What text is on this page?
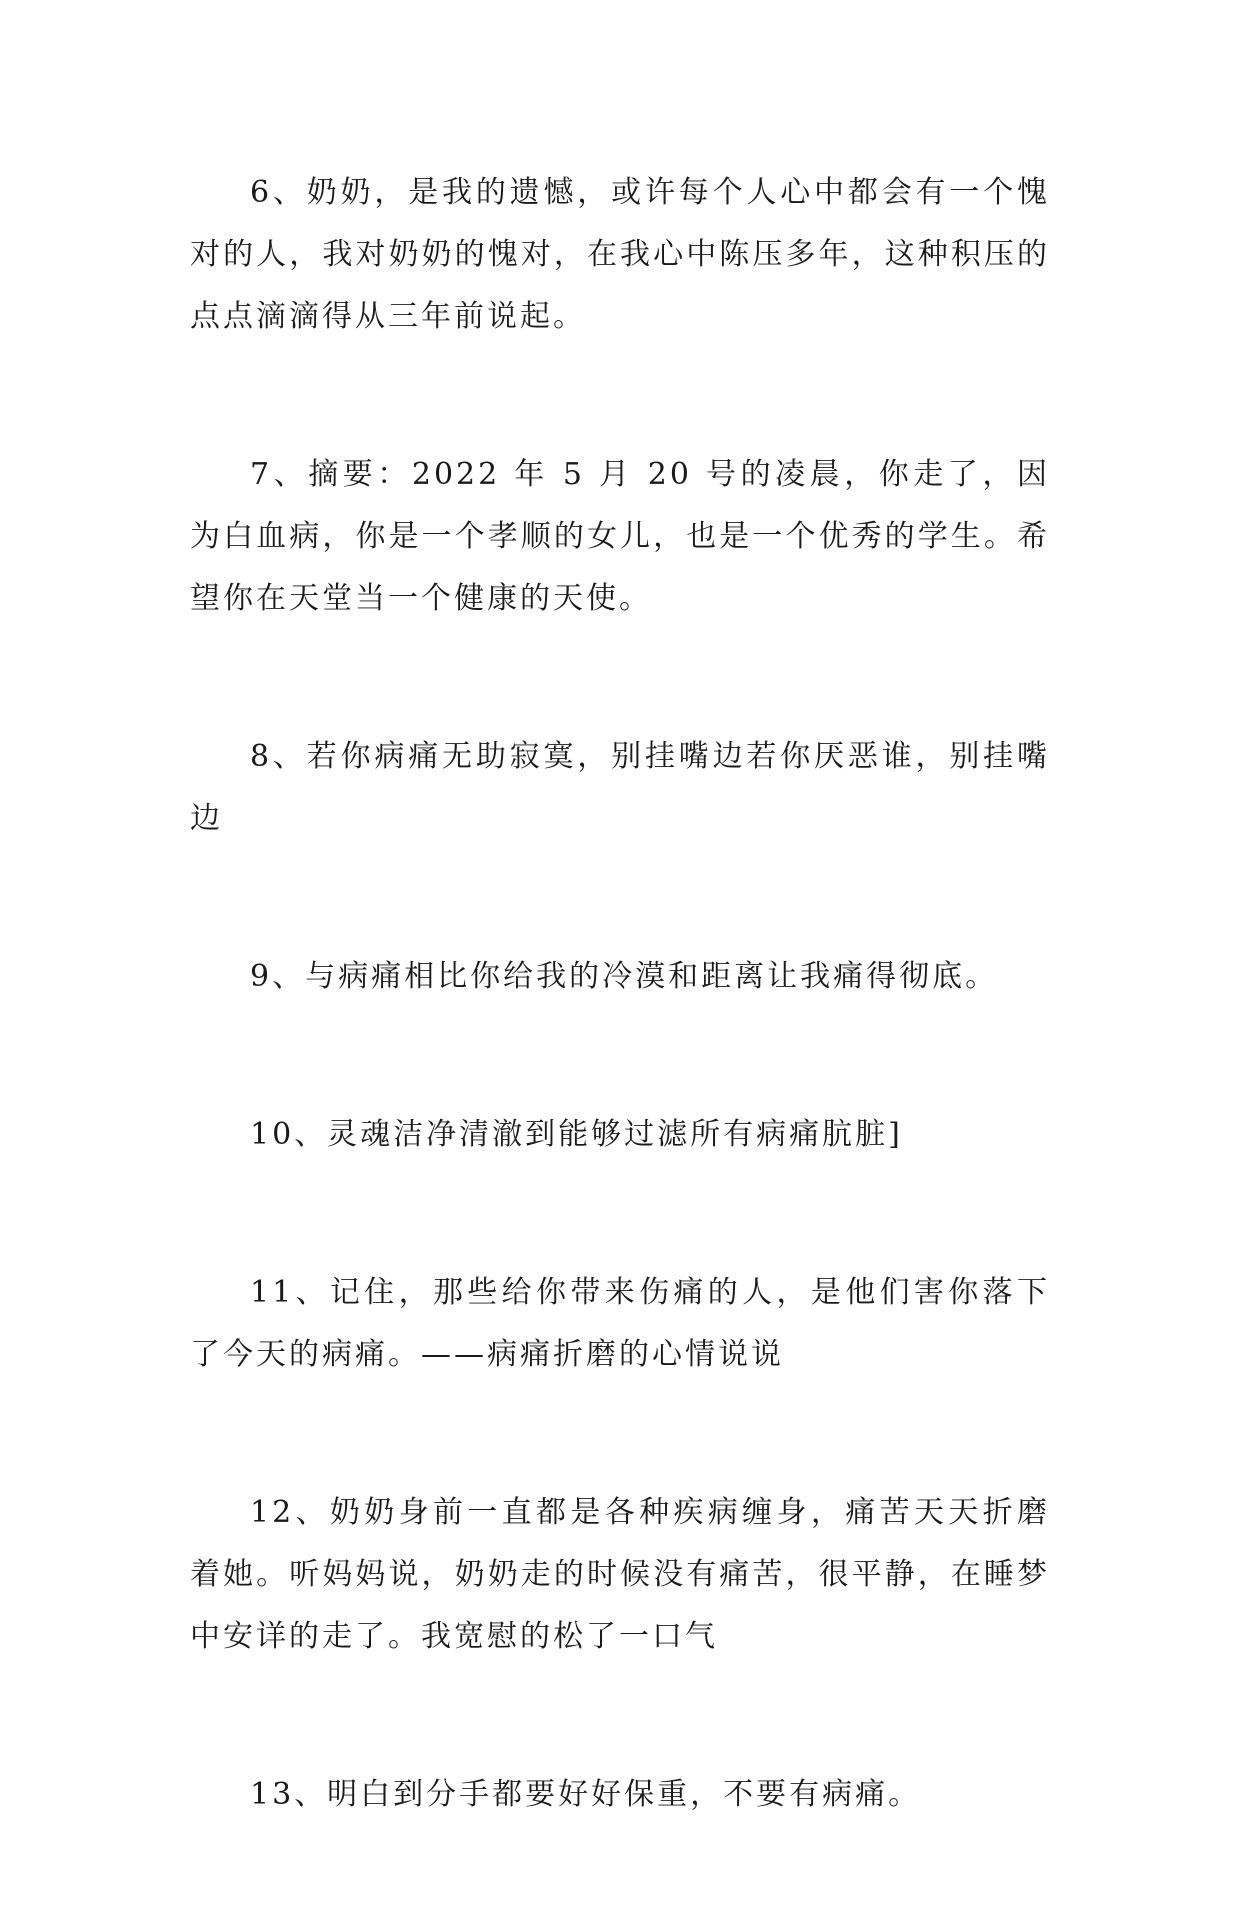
6、奶奶，是我的遗憾，或许每个人心中都会有一个愧对的人，我对奶奶的愧对，在我心中陈压多年，这种积压的点点滴滴得从三年前说起。

7、摘要：2022 年 5 月 20 号的凌晨，你走了，因为白血病，你是一个孝顺的女儿，也是一个优秀的学生。希望你在天堂当一个健康的天使。

8、若你病痛无助寂寞，别挂嘴边若你厌恶谁，别挂嘴边

9、与病痛相比你给我的冷漠和距离让我痛得彻底。

10、灵魂洁净清澈到能够过滤所有病痛肮脏]

11、记住，那些给你带来伤痛的人，是他们害你落下了今天的病痛。——病痛折磨的心情说说

12、奶奶身前一直都是各种疾病缠身，痛苦天天折磨着她。听妈妈说，奶奶走的时候没有痛苦，很平静，在睡梦中安详的走了。我宽慰的松了一口气

13、明白到分手都要好好保重，不要有病痛。
